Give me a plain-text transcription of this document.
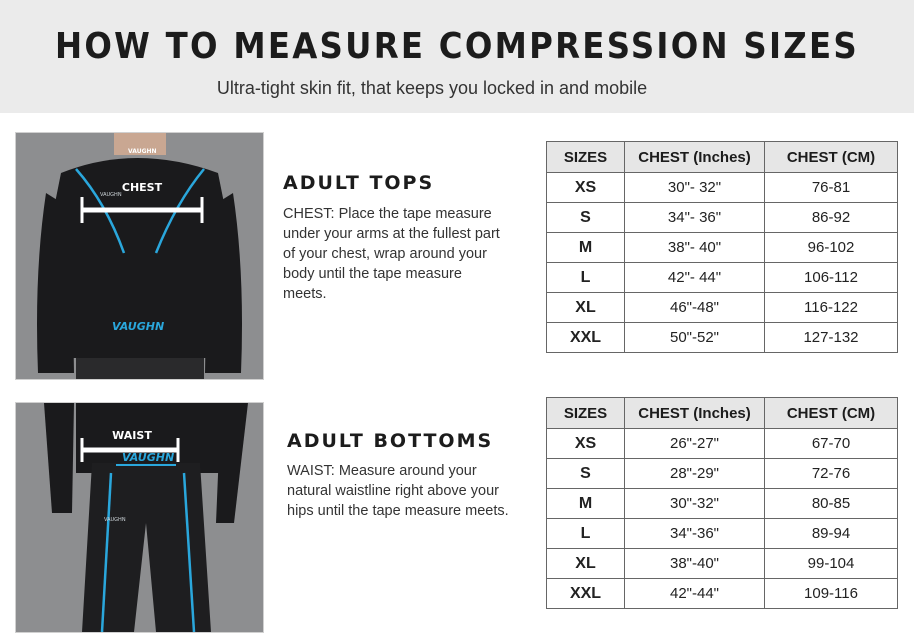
HOW TO MEASURE COMPRESSION SIZES
Ultra-tight skin fit, that keeps you locked in and mobile
VAUGHN
VAUGHN
VAUGHN
CHEST	ADULT TOPS
CHEST: Place the tape measure under your arms at the fullest part of your chest, wrap around your body until the tape measure meets.
SIZES	CHEST (Inches)	CHEST (CM)
XS	30"- 32"	76-81
S	34"- 36"	86-92
M	38"- 40"	96-102
L	42"- 44"	106-112
XL	46"-48"	116-122
XXL	50"-52"	127-132
VAUGHN
VAUGHN
WAIST	ADULT BOTTOMS
WAIST: Measure around your natural waistline right above your hips until the tape measure meets.
SIZES	CHEST (Inches)	CHEST (CM)
XS	26"-27"	67-70
S	28"-29"	72-76
M	30"-32"	80-85
L	34"-36"	89-94
XL	38"-40"	99-104
XXL	42"-44"	109-116
